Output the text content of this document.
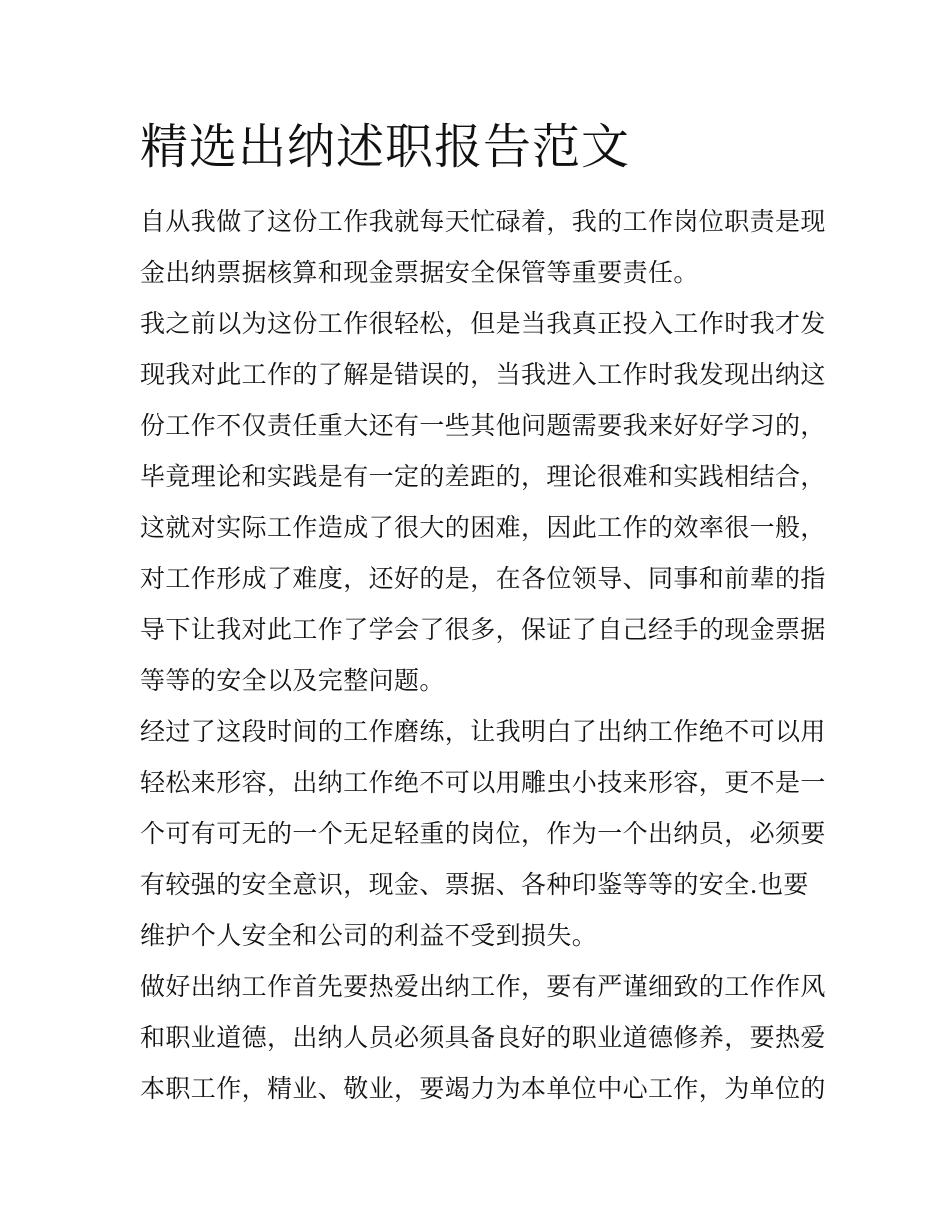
精选出纳述职报告范文
自从我做了这份工作我就每天忙碌着，我的工作岗位职责是现
金出纳票据核算和现金票据安全保管等重要责任。
我之前以为这份工作很轻松，但是当我真正投入工作时我才发
现我对此工作的了解是错误的，当我进入工作时我发现出纳这
份工作不仅责任重大还有一些其他问题需要我来好好学习的，
毕竟理论和实践是有一定的差距的，理论很难和实践相结合，
这就对实际工作造成了很大的困难，因此工作的效率很一般，
对工作形成了难度，还好的是，在各位领导、同事和前辈的指
导下让我对此工作了学会了很多，保证了自己经手的现金票据
等等的安全以及完整问题。
经过了这段时间的工作磨练，让我明白了出纳工作绝不可以用
轻松来形容，出纳工作绝不可以用雕虫小技来形容，更不是一
个可有可无的一个无足轻重的岗位，作为一个出纳员，必须要
有较强的安全意识，现金、票据、各种印鉴等等的安全.也要
维护个人安全和公司的利益不受到损失。
做好出纳工作首先要热爱出纳工作，要有严谨细致的工作作风
和职业道德，出纳人员必须具备良好的职业道德修养，要热爱
本职工作，精业、敬业，要竭力为本单位中心工作，为单位的
